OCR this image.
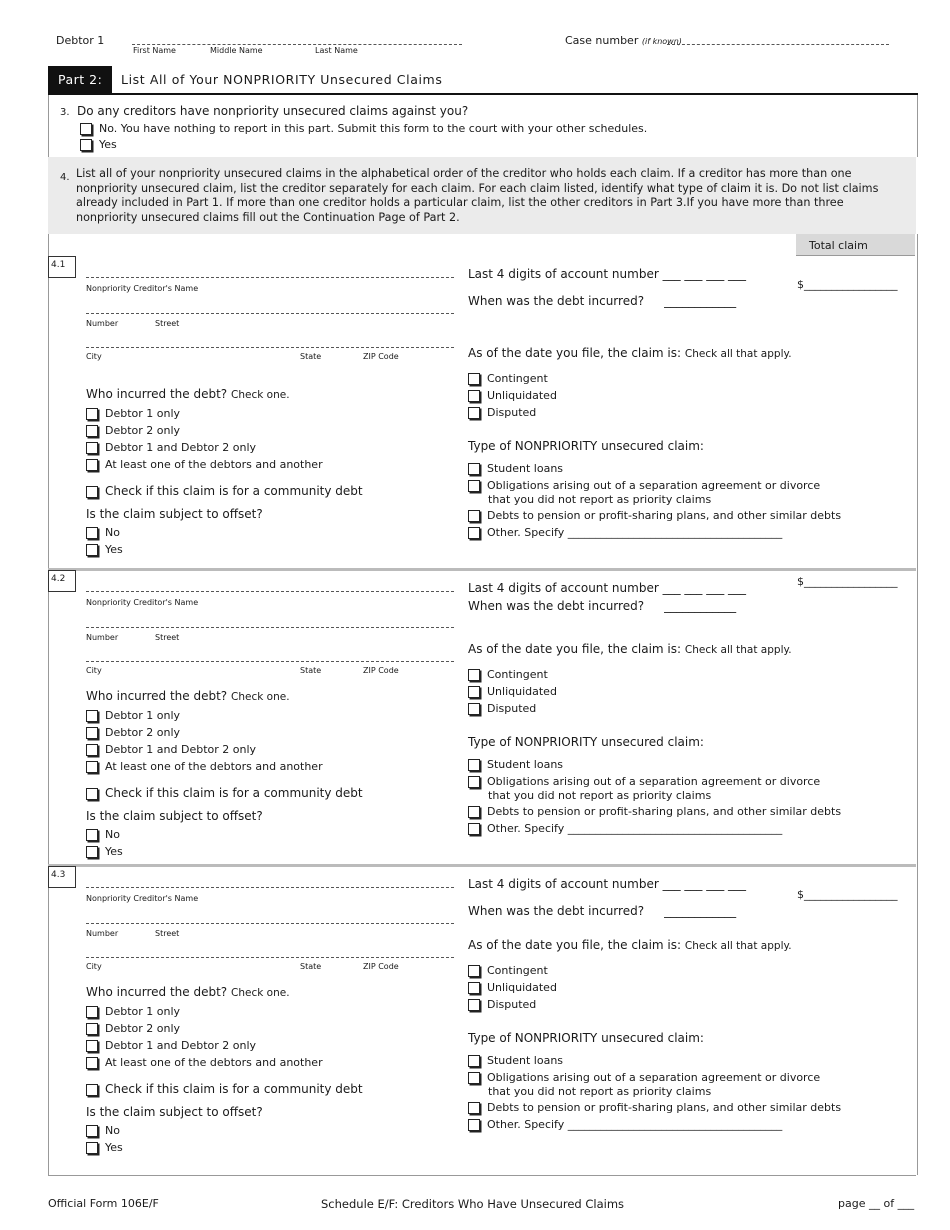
Debtor 1
First Name	Middle Name	Last Name
Case number (if known)
Part 2:	List All of Your NONPRIORITY Unsecured Claims
3. Do any creditors have nonpriority unsecured claims against you?
No. You have nothing to report in this part. Submit this form to the court with your other schedules.
Yes
4. List all of your nonpriority unsecured claims in the alphabetical order of the creditor who holds each claim. If a creditor has more than one nonpriority unsecured claim, list the creditor separately for each claim. For each claim listed, identify what type of claim it is. Do not list claims already included in Part 1. If more than one creditor holds a particular claim, list the other creditors in Part 3.If you have more than three nonpriority unsecured claims fill out the Continuation Page of Part 2.
Total claim
4.1
Nonpriority Creditor's Name
Number	Street
City	State	ZIP Code
Who incurred the debt? Check one.
Debtor 1 only
Debtor 2 only
Debtor 1 and Debtor 2 only
At least one of the debtors and another
Check if this claim is for a community debt
Is the claim subject to offset?
No
Yes
Last 4 digits of account number ___ ___ ___ ___
When was the debt incurred? ____________
As of the date you file, the claim is: Check all that apply.
Contingent
Unliquidated
Disputed
Type of NONPRIORITY unsecured claim:
Student loans
Obligations arising out of a separation agreement or divorce
that you did not report as priority claims
Debts to pension or profit-sharing plans, and other similar debts
Other. Specify _______________________________________
$_________________
4.2
Nonpriority Creditor's Name
Number	Street
City	State	ZIP Code
Who incurred the debt? Check one.
Debtor 1 only
Debtor 2 only
Debtor 1 and Debtor 2 only
At least one of the debtors and another
Check if this claim is for a community debt
Is the claim subject to offset?
No
Yes
Last 4 digits of account number ___ ___ ___ ___
When was the debt incurred? ____________
As of the date you file, the claim is: Check all that apply.
Contingent
Unliquidated
Disputed
Type of NONPRIORITY unsecured claim:
Student loans
Obligations arising out of a separation agreement or divorce
that you did not report as priority claims
Debts to pension or profit-sharing plans, and other similar debts
Other. Specify _______________________________________
$_________________
4.3
Nonpriority Creditor's Name
Number	Street
City	State	ZIP Code
Who incurred the debt? Check one.
Debtor 1 only
Debtor 2 only
Debtor 1 and Debtor 2 only
At least one of the debtors and another
Check if this claim is for a community debt
Is the claim subject to offset?
No
Yes
Last 4 digits of account number ___ ___ ___ ___
When was the debt incurred? ____________
As of the date you file, the claim is: Check all that apply.
Contingent
Unliquidated
Disputed
Type of NONPRIORITY unsecured claim:
Student loans
Obligations arising out of a separation agreement or divorce
that you did not report as priority claims
Debts to pension or profit-sharing plans, and other similar debts
Other. Specify _______________________________________
$_________________
Official Form 106E/F	Schedule E/F: Creditors Who Have Unsecured Claims	page __ of ___
